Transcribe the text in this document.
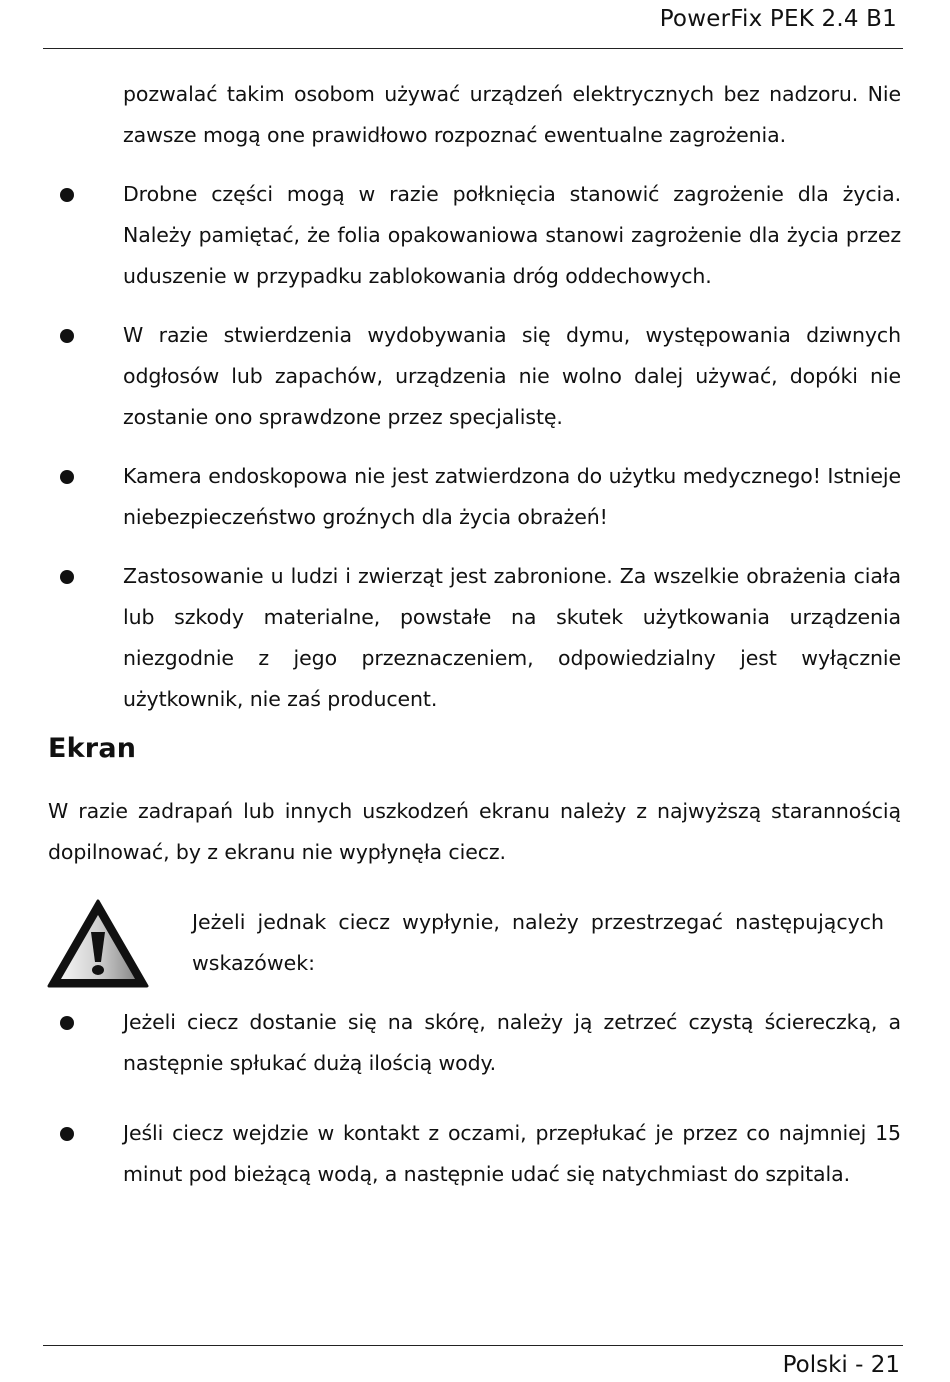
PowerFix PEK 2.4 B1

pozwalać takim osobom używać urządzeń elektrycznych bez nadzoru. Nie zawsze mogą one prawidłowo rozpoznać ewentualne zagrożenia.

Drobne części mogą w razie połknięcia stanowić zagrożenie dla życia. Należy pamiętać, że folia opakowaniowa stanowi zagrożenie dla życia przez uduszenie w przypadku zablokowania dróg oddechowych.

W razie stwierdzenia wydobywania się dymu, występowania dziwnych odgłosów lub zapachów, urządzenia nie wolno dalej używać, dopóki nie zostanie ono sprawdzone przez specjalistę.

Kamera endoskopowa nie jest zatwierdzona do użytku medycznego! Istnieje niebezpieczeństwo groźnych dla życia obrażeń!

Zastosowanie u ludzi i zwierząt jest zabronione. Za wszelkie obrażenia ciała lub szkody materialne, powstałe na skutek użytkowania urządzenia niezgodnie z jego przeznaczeniem, odpowiedzialny jest wyłącznie użytkownik, nie zaś producent.

Ekran

W razie zadrapań lub innych uszkodzeń ekranu należy z najwyższą starannością dopilnować, by z ekranu nie wypłynęła ciecz.

Jeżeli jednak ciecz wypłynie, należy przestrzegać następujących wskazówek:

Jeżeli ciecz dostanie się na skórę, należy ją zetrzeć czystą ściereczką, a następnie spłukać dużą ilością wody.

Jeśli ciecz wejdzie w kontakt z oczami, przepłukać je przez co najmniej 15 minut pod bieżącą wodą, a następnie udać się natychmiast do szpitala.

Polski - 21
